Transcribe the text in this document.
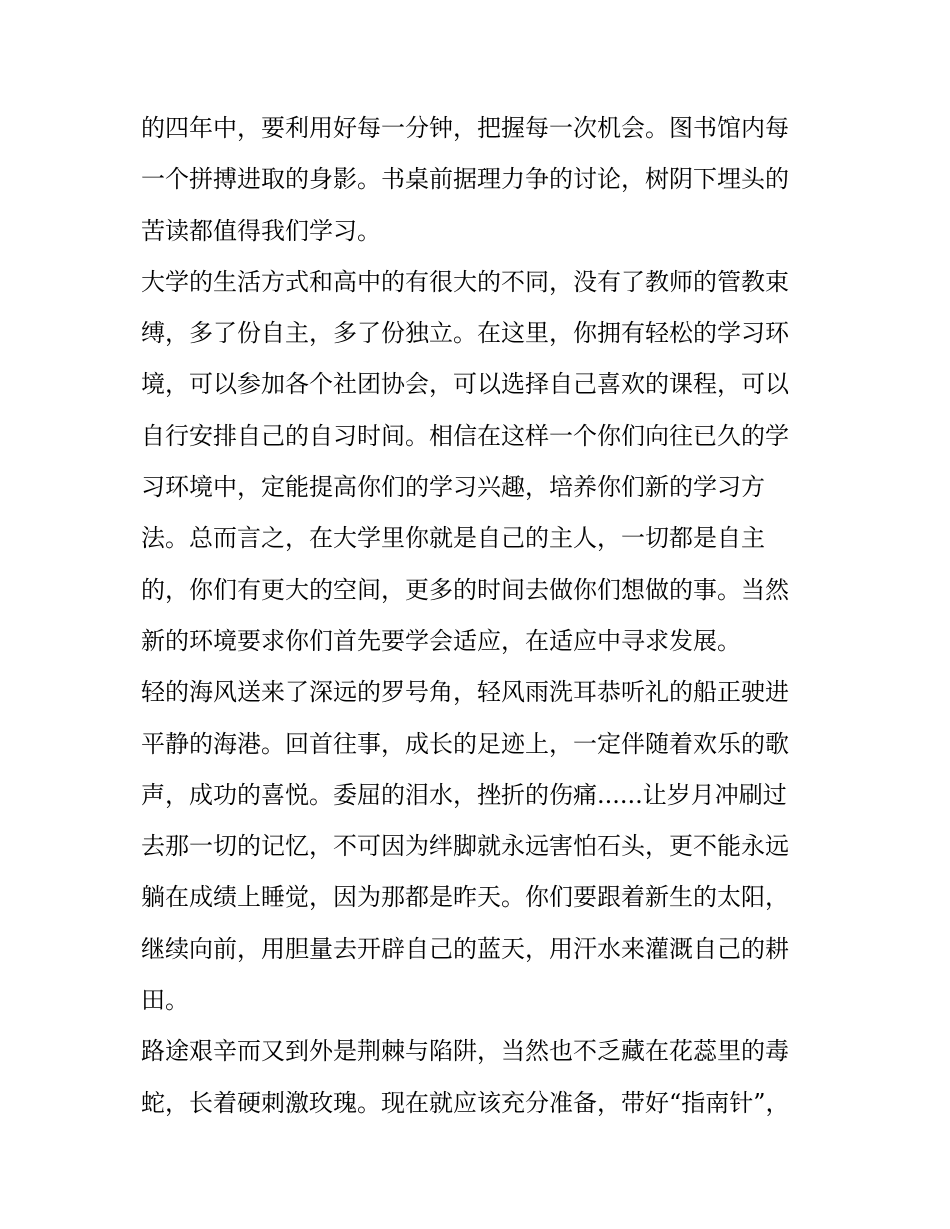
的四年中，要利用好每一分钟，把握每一次机会。图书馆内每
一个拼搏进取的身影。书桌前据理力争的讨论，树阴下埋头的
苦读都值得我们学习。
大学的生活方式和高中的有很大的不同，没有了教师的管教束
缚，多了份自主，多了份独立。在这里，你拥有轻松的学习环
境，可以参加各个社团协会，可以选择自己喜欢的课程，可以
自行安排自己的自习时间。相信在这样一个你们向往已久的学
习环境中，定能提高你们的学习兴趣，培养你们新的学习方
法。总而言之，在大学里你就是自己的主人，一切都是自主
的，你们有更大的空间，更多的时间去做你们想做的事。当然
新的环境要求你们首先要学会适应，在适应中寻求发展。
轻的海风送来了深远的罗号角，轻风雨洗耳恭听礼的船正驶进
平静的海港。回首往事，成长的足迹上，一定伴随着欢乐的歌
声，成功的喜悦。委屈的泪水，挫折的伤痛......让岁月冲刷过
去那一切的记忆，不可因为绊脚就永远害怕石头，更不能永远
躺在成绩上睡觉，因为那都是昨天。你们要跟着新生的太阳，
继续向前，用胆量去开辟自己的蓝天，用汗水来灌溉自己的耕
田。
路途艰辛而又到外是荆棘与陷阱，当然也不乏藏在花蕊里的毒
蛇，长着硬刺激玫瑰。现在就应该充分准备，带好“指南针”，
